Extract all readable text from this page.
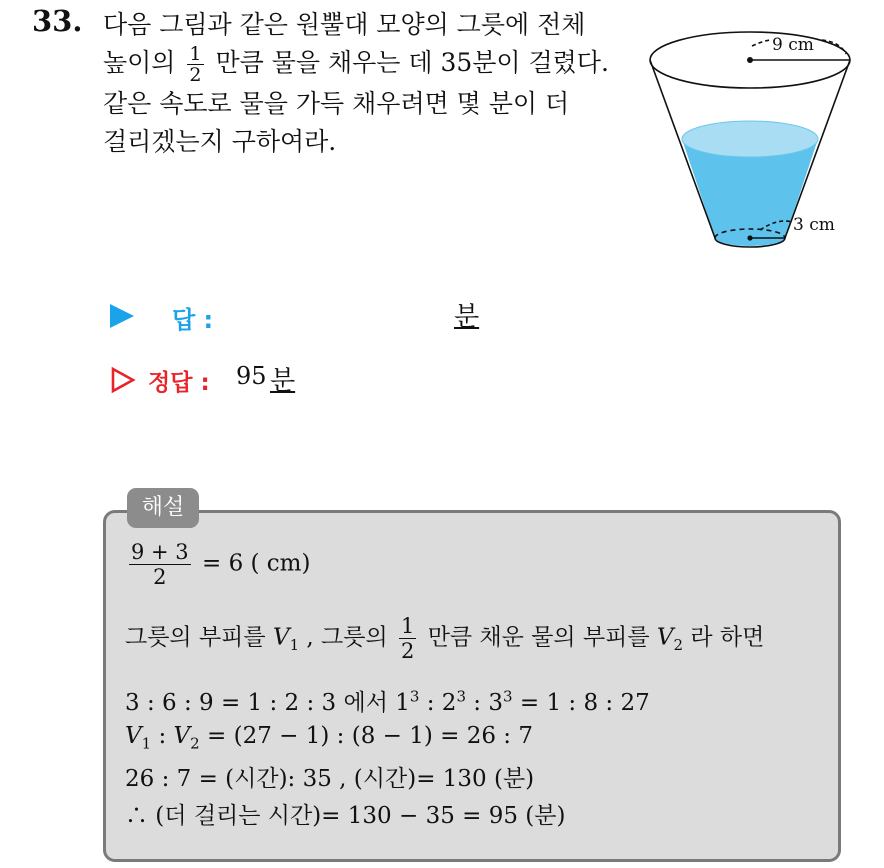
33. 다음 그림과 같은 원뿔대 모양의 그릇에 전체
높이의 $\frac{1}{2}$ 만큼 물을 채우는 데 35분이 걸렸다.
같은 속도로 물을 가득 채우려면 몇 분이 더
걸리겠는지 구하여라.
9 cm
3 cm
답 :	분
정답 : 95 분
해설
$\frac{9 + 3}{2} = 6$ ( cm)
그릇의 부피를 $V_1$ , 그릇의 $\frac{1}{2}$ 만큼 채운 물의 부피를 $V_2$ 라 하면
3 : 6 : 9 = 1 : 2 : 3 에서 $1^3$ : $2^3$ : $3^3 = 1$ : 8 : 27
$V_1$ : $V_2 = (27 - 1)$ : (8 − 1) = 26 : 7
26 : 7 = (시간): 35 , (시간)= 130 (분)
∴ (더 걸리는 시간)= 130 − 35 = 95 (분)
